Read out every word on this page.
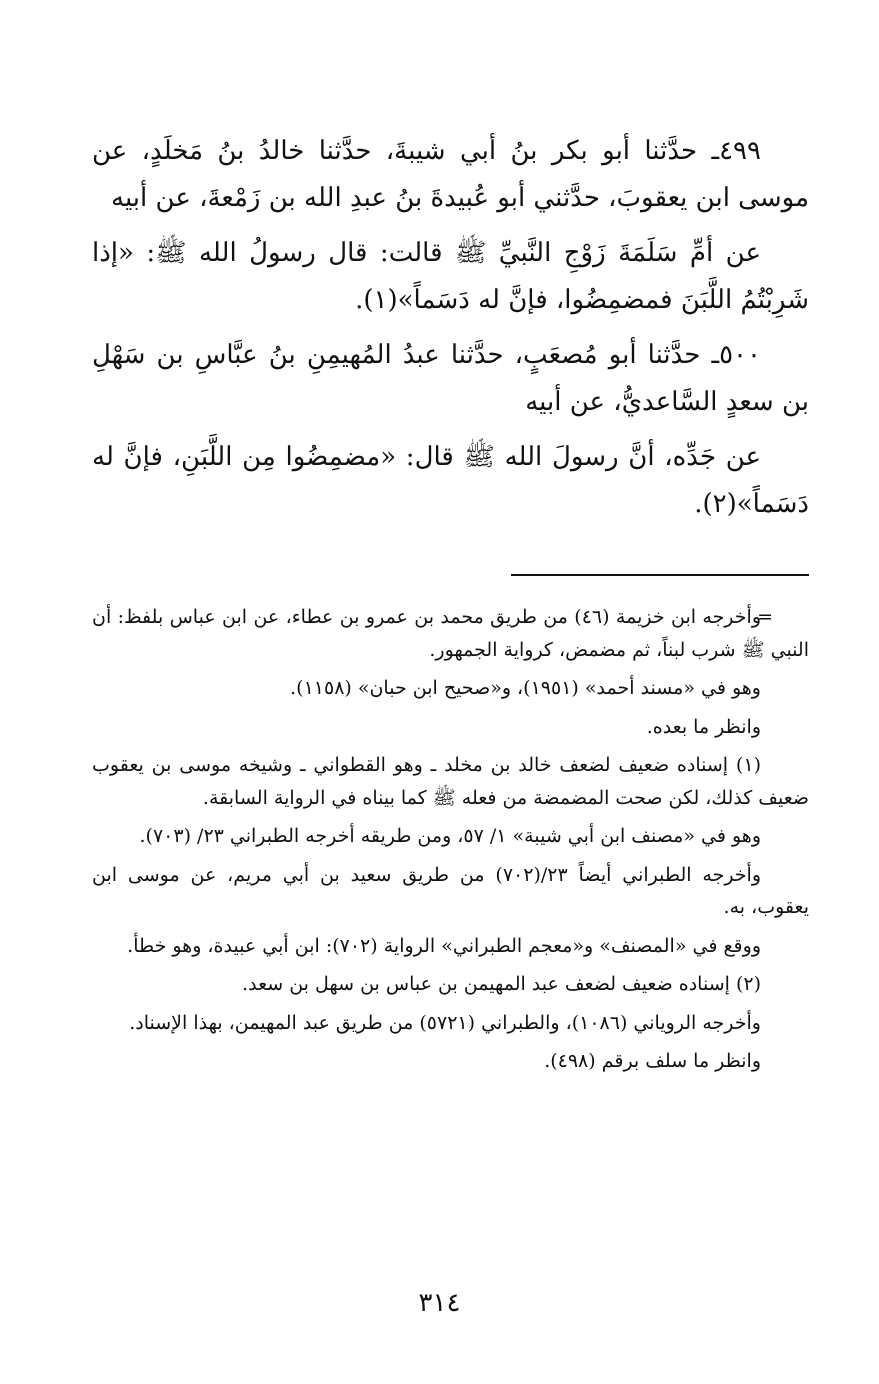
٤٩٩ـ حدَّثنا أبو بكر بنُ أبي شيبةَ، حدَّثنا خالدُ بنُ مَخلَدٍ، عن موسى ابن يعقوبَ، حدَّثني أبو عُبيدةَ بنُ عبدِ الله بن زَمْعةَ، عن أبيه

عن أمِّ سَلَمَةَ زَوْجِ النَّبيِّ ﷺ قالت: قال رسولُ الله ﷺ: «إذا شَرِبْتُمُ اللَّبَنَ فمضمِضُوا، فإنَّ له دَسَماً»(١).

٥٠٠ـ حدَّثنا أبو مُصعَبٍ، حدَّثنا عبدُ المُهيمِنِ بنُ عبَّاسِ بن سَهْلِ بن سعدٍ السَّاعديُّ، عن أبيه

عن جَدِّه، أنَّ رسولَ الله ﷺ قال: «مضمِضُوا مِن اللَّبَنِ، فإنَّ له دَسَماً»(٢).

=
وأخرجه ابن خزيمة (٤٦) من طريق محمد بن عمرو بن عطاء، عن ابن عباس بلفظ: أن النبي ﷺ شرب لبناً، ثم مضمض، كرواية الجمهور.

وهو في «مسند أحمد» (١٩٥١)، و«صحيح ابن حبان» (١١٥٨).

وانظر ما بعده.

(١) إسناده ضعيف لضعف خالد بن مخلد ـ وهو القطواني ـ وشيخه موسى بن يعقوب ضعيف كذلك، لكن صحت المضمضة من فعله ﷺ كما بيناه في الرواية السابقة.

وهو في «مصنف ابن أبي شيبة» ١/ ٥٧، ومن طريقه أخرجه الطبراني ٢٣/ (٧٠٣).

وأخرجه الطبراني أيضاً ٢٣/(٧٠٢) من طريق سعيد بن أبي مريم، عن موسى ابن يعقوب، به.

ووقع في «المصنف» و«معجم الطبراني» الرواية (٧٠٢): ابن أبي عبيدة، وهو خطأ.

(٢) إسناده ضعيف لضعف عبد المهيمن بن عباس بن سهل بن سعد.

وأخرجه الروياني (١٠٨٦)، والطبراني (٥٧٢١) من طريق عبد المهيمن، بهذا الإسناد.

وانظر ما سلف برقم (٤٩٨).

٣١٤
